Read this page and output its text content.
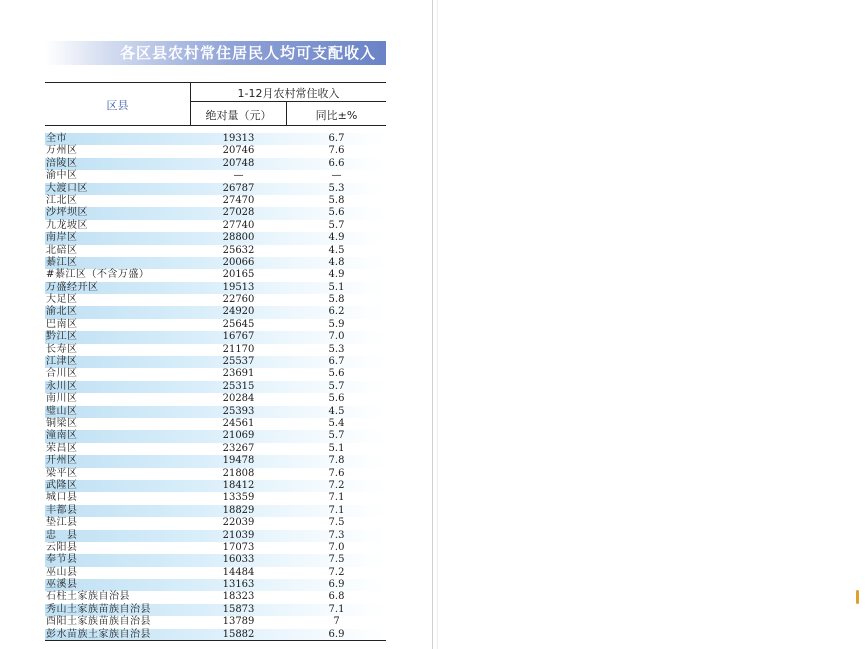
各区县农村常住居民人均可支配收入
区县
1-12月农村常住收入
绝对量（元）	同比±%
全市	19313	6.7
万州区	20746	7.6
涪陵区	20748	6.6
渝中区	—	—
大渡口区	26787	5.3
江北区	27470	5.8
沙坪坝区	27028	5.6
九龙坡区	27740	5.7
南岸区	28800	4.9
北碚区	25632	4.5
綦江区	20066	4.8
#綦江区（不含万盛）	20165	4.9
万盛经开区	19513	5.1
大足区	22760	5.8
渝北区	24920	6.2
巴南区	25645	5.9
黔江区	16767	7.0
长寿区	21170	5.3
江津区	25537	6.7
合川区	23691	5.6
永川区	25315	5.7
南川区	20284	5.6
璧山区	25393	4.5
铜梁区	24561	5.4
潼南区	21069	5.7
荣昌区	23267	5.1
开州区	19478	7.8
梁平区	21808	7.6
武隆区	18412	7.2
城口县	13359	7.1
丰都县	18829	7.1
垫江县	22039	7.5
忠　县	21039	7.3
云阳县	17073	7.0
奉节县	16033	7.5
巫山县	14484	7.2
巫溪县	13163	6.9
石柱土家族自治县	18323	6.8
秀山土家族苗族自治县	15873	7.1
酉阳土家族苗族自治县	13789	7
彭水苗族土家族自治县	15882	6.9
